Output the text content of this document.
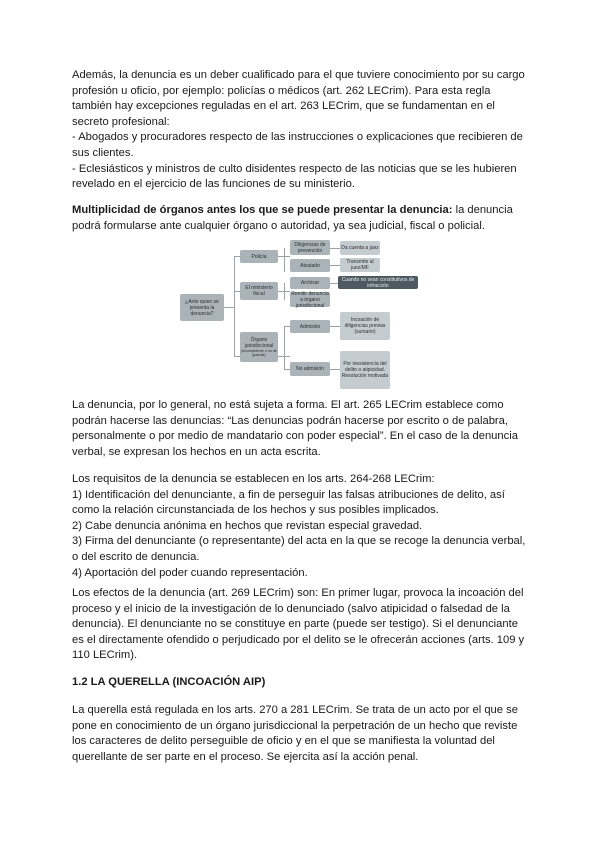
Además, la denuncia es un deber cualificado para el que tuviere conocimiento por su cargo
profesión u oficio, por ejemplo: policías o médicos (art. 262 LECrim). Para esta regla
también hay excepciones reguladas en el art. 263 LECrim, que se fundamentan en el
secreto profesional:
- Abogados y procuradores respecto de las instrucciones o explicaciones que recibieren de
sus clientes.
- Eclesiásticos y ministros de culto disidentes respecto de las noticias que se les hubieren
revelado en el ejercicio de las funciones de su ministerio.
Multiplicidad de órganos antes los que se puede presentar la denuncia: la denuncia
podrá formularse ante cualquier órgano o autoridad, ya sea judicial, fiscal o policial.
¿Ante quien se presenta la denuncia?
Policía
El ministerio fiscal
Órgano jurisdiccional
(incompetente o no de guardia)
Diligencias de prevención
Atestado
Archivar
Remitir denuncia a órgano jurisdiccional
Admisión
No admisión
Da cuenta a juez
Transmite al juez/MF
Cuando no sean constitutivos de infracción
Incoación de diligencias previas (sumario)
Por inexistencia del delito o atipicidad. Resolución motivada
La denuncia, por lo general, no está sujeta a forma. El art. 265 LECrim establece como
podrán hacerse las denuncias: “Las denuncias podrán hacerse por escrito o de palabra,
personalmente o por medio de mandatario con poder especial”. En el caso de la denuncia
verbal, se expresan los hechos en un acta escrita.
Los requisitos de la denuncia se establecen en los arts. 264-268 LECrim:
1) Identificación del denunciante, a fin de perseguir las falsas atribuciones de delito, así
como la relación circunstanciada de los hechos y sus posibles implicados.
2) Cabe denuncia anónima en hechos que revistan especial gravedad.
3) Firma del denunciante (o representante) del acta en la que se recoge la denuncia verbal,
o del escrito de denuncia.
4) Aportación del poder cuando representación.
Los efectos de la denuncia (art. 269 LECrim) son: En primer lugar, provoca la incoación del
proceso y el inicio de la investigación de lo denunciado (salvo atipicidad o falsedad de la
denuncia). El denunciante no se constituye en parte (puede ser testigo). Si el denunciante
es el directamente ofendido o perjudicado por el delito se le ofrecerán acciones (arts. 109 y
110 LECrim).
1.2 LA QUERELLA (INCOACIÓN AIP)
La querella está regulada en los arts. 270 a 281 LECrim. Se trata de un acto por el que se
pone en conocimiento de un órgano jurisdiccional la perpetración de un hecho que reviste
los caracteres de delito perseguible de oficio y en el que se manifiesta la voluntad del
querellante de ser parte en el proceso. Se ejercita así la acción penal.
